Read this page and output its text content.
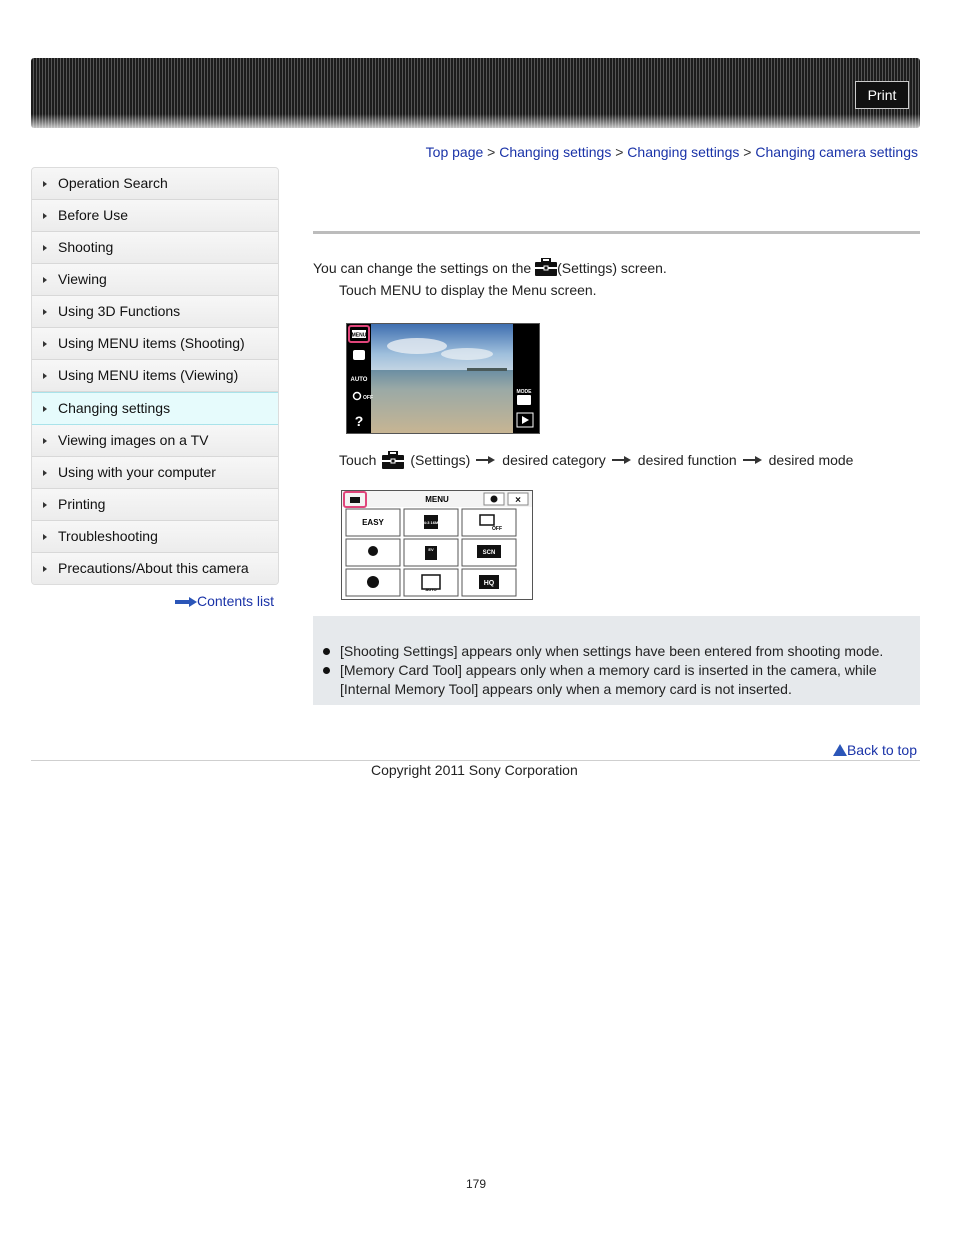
Print
Top page > Changing settings > Changing settings > Changing camera settings
Operation Search
Before Use
Shooting
Viewing
Using 3D Functions
Using MENU items (Shooting)
Using MENU items (Viewing)
Changing settings
Viewing images on a TV
Using with your computer
Printing
Troubleshooting
Precautions/About this camera
Contents list
You can change the settings on the (Settings) screen.
Touch MENU to display the Menu screen.
MENU
AUTO
OFF
?
MODE
Touch (Settings) desired category desired function desired mode
MENU	×
EASY	4:3 16M
OFF
EV
SCN
AUTO
HQ
[Shooting Settings] appears only when settings have been entered from shooting mode.
[Memory Card Tool] appears only when a memory card is inserted in the camera, while [Internal Memory Tool] appears only when a memory card is not inserted.
Back to top
Copyright 2011 Sony Corporation
179
